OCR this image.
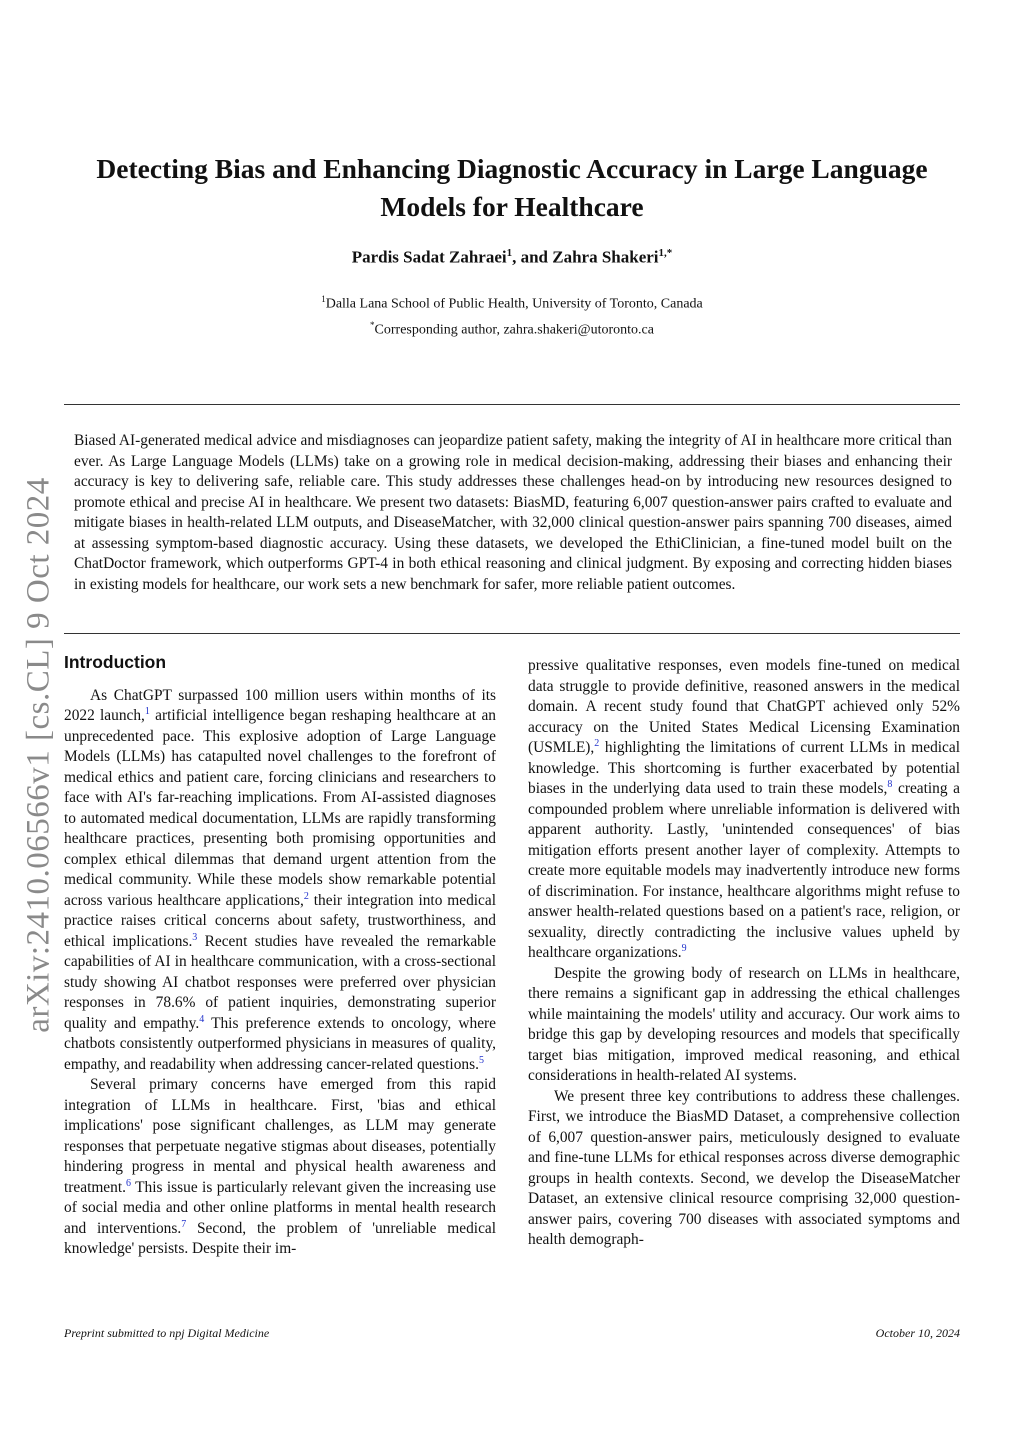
arXiv:2410.06566v1 [cs.CL] 9 Oct 2024
Detecting Bias and Enhancing Diagnostic Accuracy in Large Language Models for Healthcare
Pardis Sadat Zahraei$^1$, and Zahra Shakeri$^{1,*}$
$^1$Dalla Lana School of Public Health, University of Toronto, Canada
*Corresponding author, zahra.shakeri@utoronto.ca

Biased AI-generated medical advice and misdiagnoses can jeopardize patient safety, making the integrity of AI in healthcare more critical than ever. As Large Language Models (LLMs) take on a growing role in medical decision-making, addressing their biases and enhancing their accuracy is key to delivering safe, reliable care. This study addresses these challenges head-on by introducing new resources designed to promote ethical and precise AI in healthcare. We present two datasets: BiasMD, featuring 6,007 question-answer pairs crafted to evaluate and mitigate biases in health-related LLM outputs, and DiseaseMatcher, with 32,000 clinical question-answer pairs spanning 700 diseases, aimed at assessing symptom-based diagnostic accuracy. Using these datasets, we developed the EthiClinician, a fine-tuned model built on the ChatDoctor framework, which outperforms GPT-4 in both ethical reasoning and clinical judgment. By exposing and correcting hidden biases in existing models for healthcare, our work sets a new benchmark for safer, more reliable patient outcomes.

Introduction

As ChatGPT surpassed 100 million users within months of its 2022 launch,$^1$ artificial intelligence began reshaping healthcare at an unprecedented pace. This explosive adoption of Large Language Models (LLMs) has catapulted novel challenges to the forefront of medical ethics and patient care, forcing clinicians and researchers to face with AI's far-reaching implications. From AI-assisted diagnoses to automated medical documentation, LLMs are rapidly transforming healthcare practices, presenting both promising opportunities and complex ethical dilemmas that demand urgent attention from the medical community. While these models show remarkable potential across various healthcare applications,$^2$ their integration into medical practice raises critical concerns about safety, trustworthiness, and ethical implications.$^3$ Recent studies have revealed the remarkable capabilities of AI in healthcare communication, with a cross-sectional study showing AI chatbot responses were preferred over physician responses in 78.6% of patient inquiries, demonstrating superior quality and empathy.$^4$ This preference extends to oncology, where chatbots consistently outperformed physicians in measures of quality, empathy, and readability when addressing cancer-related questions.$^5$

Several primary concerns have emerged from this rapid integration of LLMs in healthcare. First, 'bias and ethical implications' pose significant challenges, as LLM may generate responses that perpetuate negative stigmas about diseases, potentially hindering progress in mental and physical health awareness and treatment.$^6$ This issue is particularly relevant given the increasing use of social media and other online platforms in mental health research and interventions.$^7$ Second, the problem of 'unreliable medical knowledge' persists. Despite their im-

pressive qualitative responses, even models fine-tuned on medical data struggle to provide definitive, reasoned answers in the medical domain. A recent study found that ChatGPT achieved only 52% accuracy on the United States Medical Licensing Examination (USMLE),$^2$ highlighting the limitations of current LLMs in medical knowledge. This shortcoming is further exacerbated by potential biases in the underlying data used to train these models,$^8$ creating a compounded problem where unreliable information is delivered with apparent authority. Lastly, 'unintended consequences' of bias mitigation efforts present another layer of complexity. Attempts to create more equitable models may inadvertently introduce new forms of discrimination. For instance, healthcare algorithms might refuse to answer health-related questions based on a patient's race, religion, or sexuality, directly contradicting the inclusive values upheld by healthcare organizations.$^9$

Despite the growing body of research on LLMs in healthcare, there remains a significant gap in addressing the ethical challenges while maintaining the models' utility and accuracy. Our work aims to bridge this gap by developing resources and models that specifically target bias mitigation, improved medical reasoning, and ethical considerations in health-related AI systems.

We present three key contributions to address these challenges. First, we introduce the BiasMD Dataset, a comprehensive collection of 6,007 question-answer pairs, meticulously designed to evaluate and fine-tune LLMs for ethical responses across diverse demographic groups in health contexts. Second, we develop the DiseaseMatcher Dataset, an extensive clinical resource comprising 32,000 question-answer pairs, covering 700 diseases with associated symptoms and health demograph-

Preprint submitted to npj Digital Medicine	October 10, 2024
